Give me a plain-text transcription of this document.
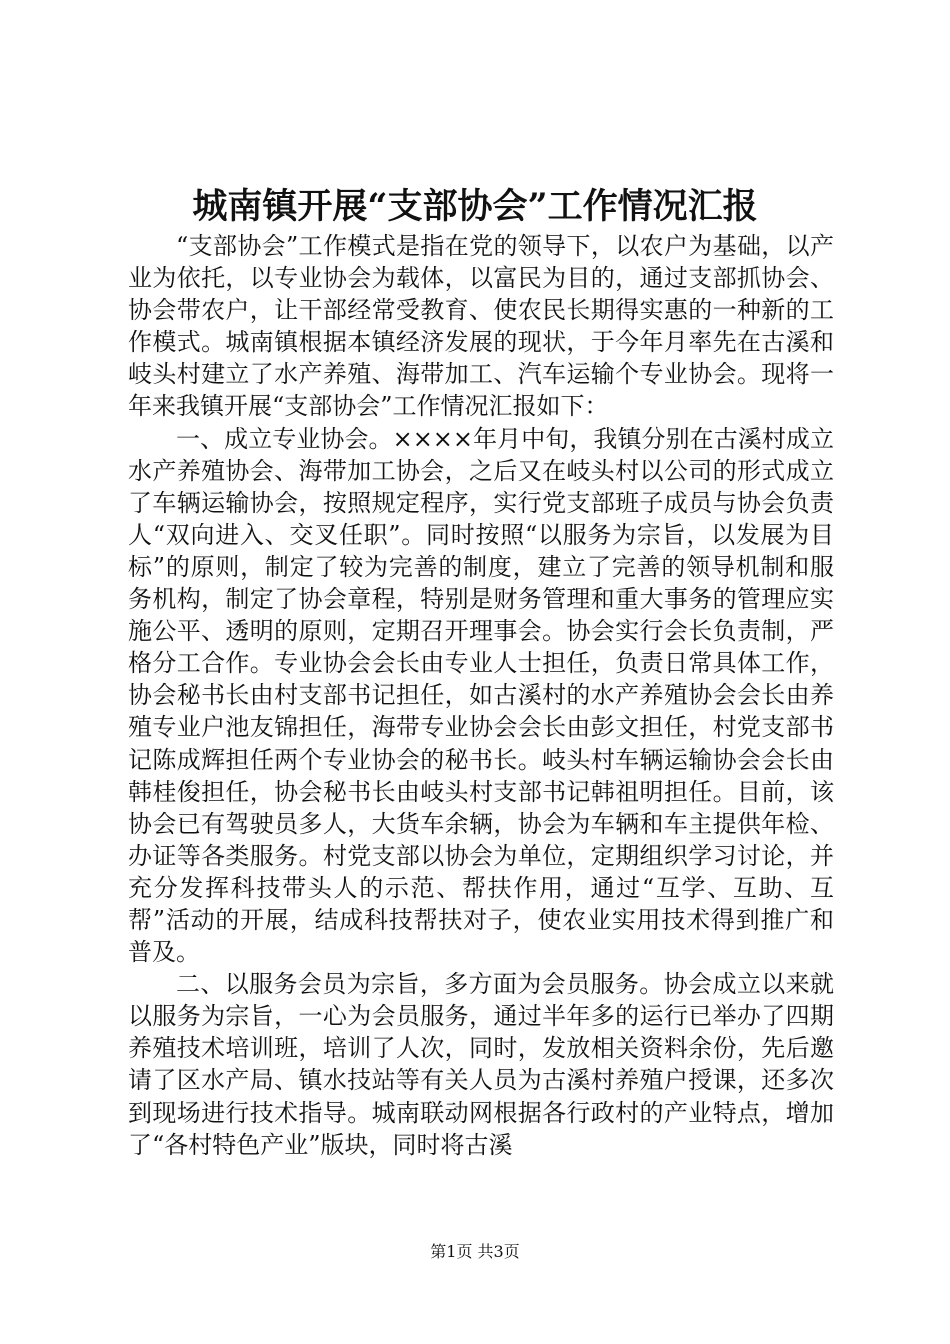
城南镇开展“支部协会”工作情况汇报

“支部协会”工作模式是指在党的领导下，以农户为基础，以产业为依托，以专业协会为载体，以富民为目的，通过支部抓协会、协会带农户，让干部经常受教育、使农民长期得实惠的一种新的工作模式。城南镇根据本镇经济发展的现状，于今年月率先在古溪和岐头村建立了水产养殖、海带加工、汽车运输个专业协会。现将一年来我镇开展“支部协会”工作情况汇报如下：

一、成立专业协会。××××年月中旬，我镇分别在古溪村成立水产养殖协会、海带加工协会，之后又在岐头村以公司的形式成立了车辆运输协会，按照规定程序，实行党支部班子成员与协会负责人“双向进入、交叉任职”。同时按照“以服务为宗旨，以发展为目标”的原则，制定了较为完善的制度，建立了完善的领导机制和服务机构，制定了协会章程，特别是财务管理和重大事务的管理应实施公平、透明的原则，定期召开理事会。协会实行会长负责制，严格分工合作。专业协会会长由专业人士担任，负责日常具体工作，协会秘书长由村支部书记担任，如古溪村的水产养殖协会会长由养殖专业户池友锦担任，海带专业协会会长由彭文担任，村党支部书记陈成辉担任两个专业协会的秘书长。岐头村车辆运输协会会长由韩桂俊担任，协会秘书长由岐头村支部书记韩祖明担任。目前，该协会已有驾驶员多人，大货车余辆，协会为车辆和车主提供年检、办证等各类服务。村党支部以协会为单位，定期组织学习讨论，并充分发挥科技带头人的示范、帮扶作用，通过“互学、互助、互帮”活动的开展，结成科技帮扶对子，使农业实用技术得到推广和普及。

二、以服务会员为宗旨，多方面为会员服务。协会成立以来就以服务为宗旨，一心为会员服务，通过半年多的运行已举办了四期养殖技术培训班，培训了人次，同时，发放相关资料余份，先后邀请了区水产局、镇水技站等有关人员为古溪村养殖户授课，还多次到现场进行技术指导。城南联动网根据各行政村的产业特点，增加了“各村特色产业”版块，同时将古溪

第1页 共3页
